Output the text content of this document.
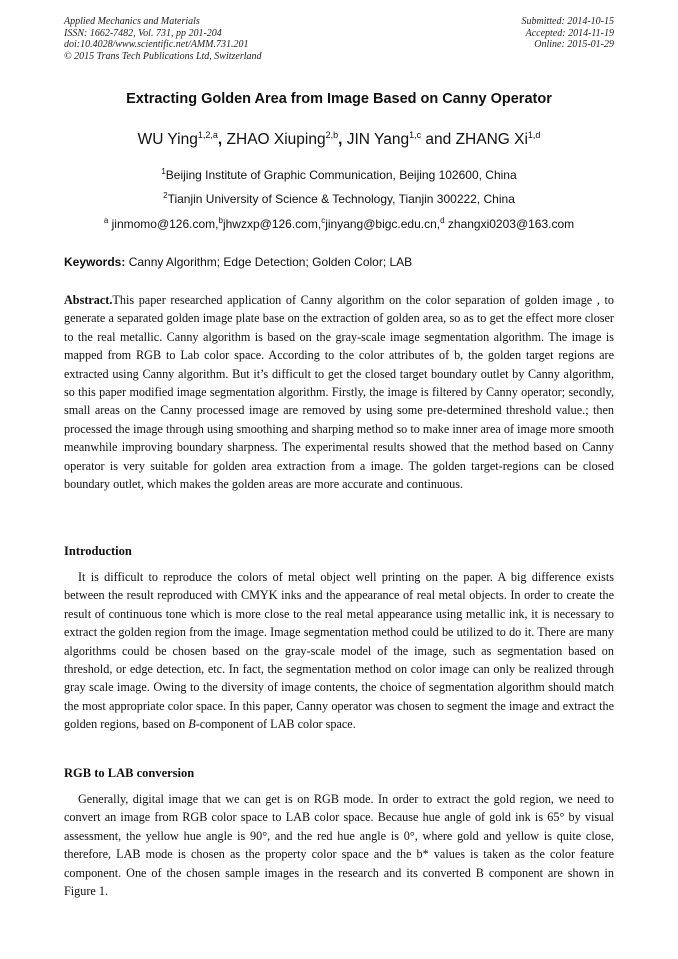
Applied Mechanics and Materials
ISSN: 1662-7482, Vol. 731, pp 201-204
doi:10.4028/www.scientific.net/AMM.731.201
© 2015 Trans Tech Publications Ltd, Switzerland
Submitted: 2014-10-15
Accepted: 2014-11-19
Online: 2015-01-29
Extracting Golden Area from Image Based on Canny Operator
WU Ying$^{1,2,a}$, ZHAO Xiuping$^{2,b}$, JIN Yang$^{1,c}$ and ZHANG Xi$^{1,d}$
$^1$Beijing Institute of Graphic Communication, Beijing 102600, China
$^2$Tianjin University of Science & Technology, Tianjin 300222, China
$^a$ jinmomo@126.com,$^b$jhwzxp@126.com,$^c$jinyang@bigc.edu.cn,$^d$ zhangxi0203@163.com
Keywords: Canny Algorithm; Edge Detection; Golden Color; LAB
Abstract.This paper researched application of Canny algorithm on the color separation of golden image , to generate a separated golden image plate base on the extraction of golden area, so as to get the effect more closer to the real metallic. Canny algorithm is based on the gray-scale image segmentation algorithm. The image is mapped from RGB to Lab color space. According to the color attributes of b, the golden target regions are extracted using Canny algorithm. But it’s difficult to get the closed target boundary outlet by Canny algorithm, so this paper modified image segmentation algorithm. Firstly, the image is filtered by Canny operator; secondly, small areas on the Canny processed image are removed by using some pre-determined threshold value.; then processed the image through using smoothing and sharping method so to make inner area of image more smooth meanwhile improving boundary sharpness. The experimental results showed that the method based on Canny operator is very suitable for golden area extraction from a image. The golden target-regions can be closed boundary outlet, which makes the golden areas are more accurate and continuous.
Introduction
It is difficult to reproduce the colors of metal object well printing on the paper. A big difference exists between the result reproduced with CMYK inks and the appearance of real metal objects. In order to create the result of continuous tone which is more close to the real metal appearance using metallic ink, it is necessary to extract the golden region from the image. Image segmentation method could be utilized to do it. There are many algorithms could be chosen based on the gray-scale model of the image, such as segmentation based on threshold, or edge detection, etc. In fact, the segmentation method on color image can only be realized through gray scale image. Owing to the diversity of image contents, the choice of segmentation algorithm should match the most appropriate color space. In this paper, Canny operator was chosen to segment the image and extract the golden regions, based on B-component of LAB color space.
RGB to LAB conversion
Generally, digital image that we can get is on RGB mode. In order to extract the gold region, we need to convert an image from RGB color space to LAB color space. Because hue angle of gold ink is 65° by visual assessment, the yellow hue angle is 90°, and the red hue angle is 0°, where gold and yellow is quite close, therefore, LAB mode is chosen as the property color space and the b* values is taken as the color feature component. One of the chosen sample images in the research and its converted B component are shown in Figure 1.
